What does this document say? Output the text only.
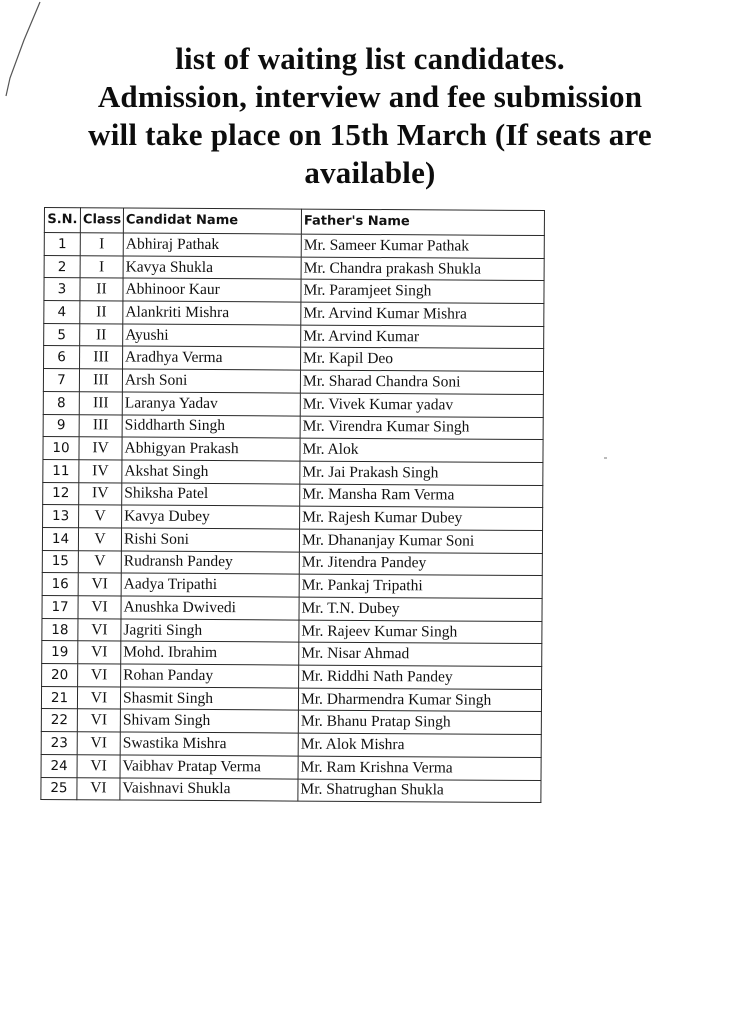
list of waiting list candidates.
Admission, interview and fee submission
will take place on 15th March (If seats are
available)
S.N.	Class	Candidat Name	Father's Name
1	I	Abhiraj Pathak	Mr. Sameer Kumar Pathak
2	I	Kavya Shukla	Mr. Chandra prakash Shukla
3	II	Abhinoor Kaur	Mr. Paramjeet Singh
4	II	Alankriti Mishra	Mr. Arvind Kumar Mishra
5	II	Ayushi	Mr. Arvind Kumar
6	III	Aradhya Verma	Mr. Kapil Deo
7	III	Arsh Soni	Mr. Sharad Chandra Soni
8	III	Laranya Yadav	Mr. Vivek Kumar yadav
9	III	Siddharth Singh	Mr. Virendra Kumar Singh
10	IV	Abhigyan Prakash	Mr. Alok
11	IV	Akshat Singh	Mr. Jai Prakash Singh
12	IV	Shiksha Patel	Mr. Mansha Ram Verma
13	V	Kavya Dubey	Mr. Rajesh Kumar Dubey
14	V	Rishi Soni	Mr. Dhananjay Kumar Soni
15	V	Rudransh Pandey	Mr. Jitendra Pandey
16	VI	Aadya Tripathi	Mr. Pankaj Tripathi
17	VI	Anushka Dwivedi	Mr. T.N. Dubey
18	VI	Jagriti Singh	Mr. Rajeev Kumar Singh
19	VI	Mohd. Ibrahim	Mr. Nisar Ahmad
20	VI	Rohan Panday	Mr. Riddhi Nath Pandey
21	VI	Shasmit Singh	Mr. Dharmendra Kumar Singh
22	VI	Shivam Singh	Mr. Bhanu Pratap Singh
23	VI	Swastika Mishra	Mr. Alok Mishra
24	VI	Vaibhav Pratap Verma	Mr. Ram Krishna Verma
25	VI	Vaishnavi Shukla	Mr. Shatrughan Shukla
